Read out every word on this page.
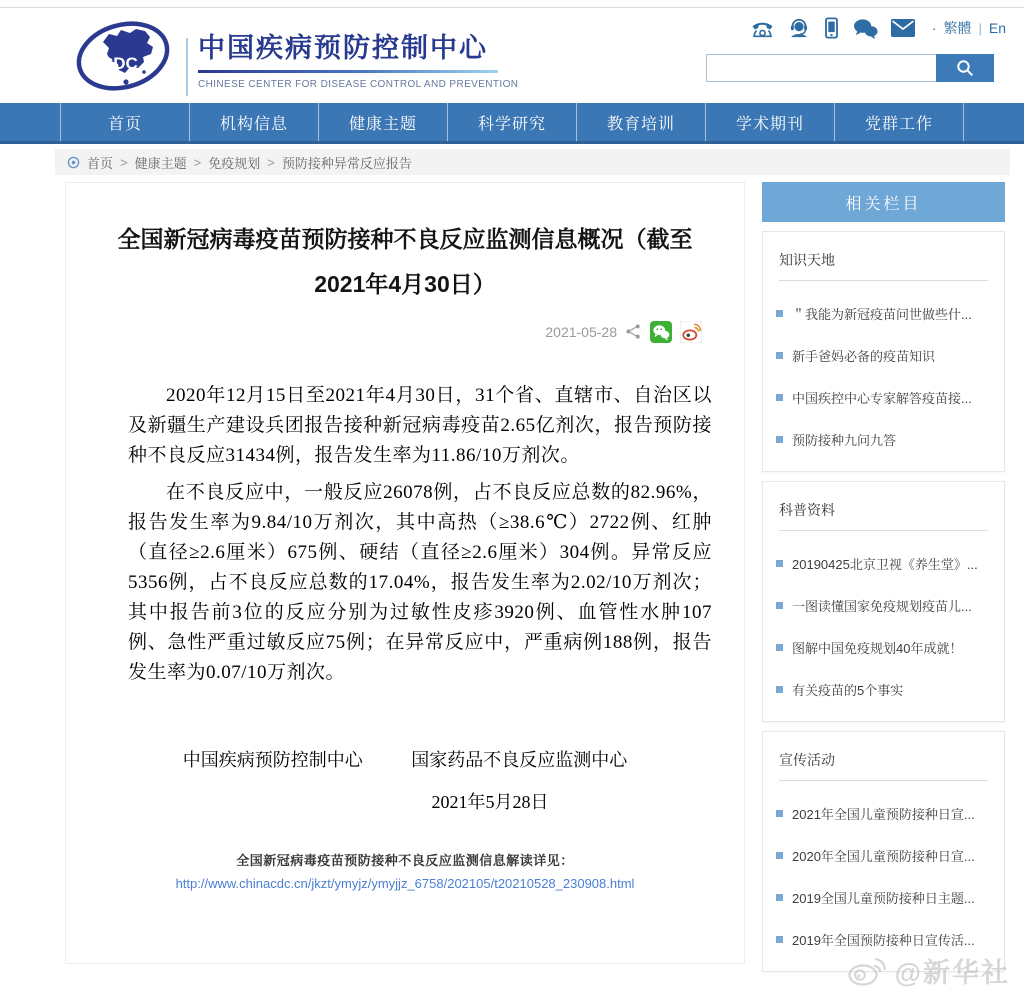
CDC
中国疾病预防控制中心
CHINESE CENTER FOR DISEASE CONTROL AND PREVENTION
· 繁體 | En
首页	机构信息	健康主题	科学研究	教育培训	学术期刊	党群工作
首页 > 健康主题 > 免疫规划 > 预防接种异常反应报告
全国新冠病毒疫苗预防接种不良反应监测信息概况（截至2021年4月30日）
2021-05-28

2020年12月15日至2021年4月30日，31个省、直辖市、自治区以及新疆生产建设兵团报告接种新冠病毒疫苗2.65亿剂次，报告预防接种不良反应31434例，报告发生率为11.86/10万剂次。

在不良反应中，一般反应26078例，占不良反应总数的82.96%，报告发生率为9.84/10万剂次，其中高热（≥38.6℃）2722例、红肿（直径≥2.6厘米）675例、硬结（直径≥2.6厘米）304例。异常反应5356例，占不良反应总数的17.04%，报告发生率为2.02/10万剂次；其中报告前3位的反应分别为过敏性皮疹3920例、血管性水肿107例、急性严重过敏反应75例；在异常反应中，严重病例188例，报告发生率为0.07/10万剂次。

中国疾病预防控制中心	国家药品不良反应监测中心
2021年5月28日
全国新冠病毒疫苗预防接种不良反应监测信息解读详见：
http://www.chinacdc.cn/jkzt/ymyjz/ymyjjz_6758/202105/t20210528_230908.html
相关栏目
知识天地
＂我能为新冠疫苗问世做些什...
新手爸妈必备的疫苗知识
中国疾控中心专家解答疫苗接...
预防接种九问九答
科普资料
20190425北京卫视《养生堂》...
一图读懂国家免疫规划疫苗儿...
图解中国免疫规划40年成就！
有关疫苗的5个事实
宣传活动
2021年全国儿童预防接种日宣...
2020年全国儿童预防接种日宣...
2019全国儿童预防接种日主题...
2019年全国预防接种日宣传活...
@新华社
